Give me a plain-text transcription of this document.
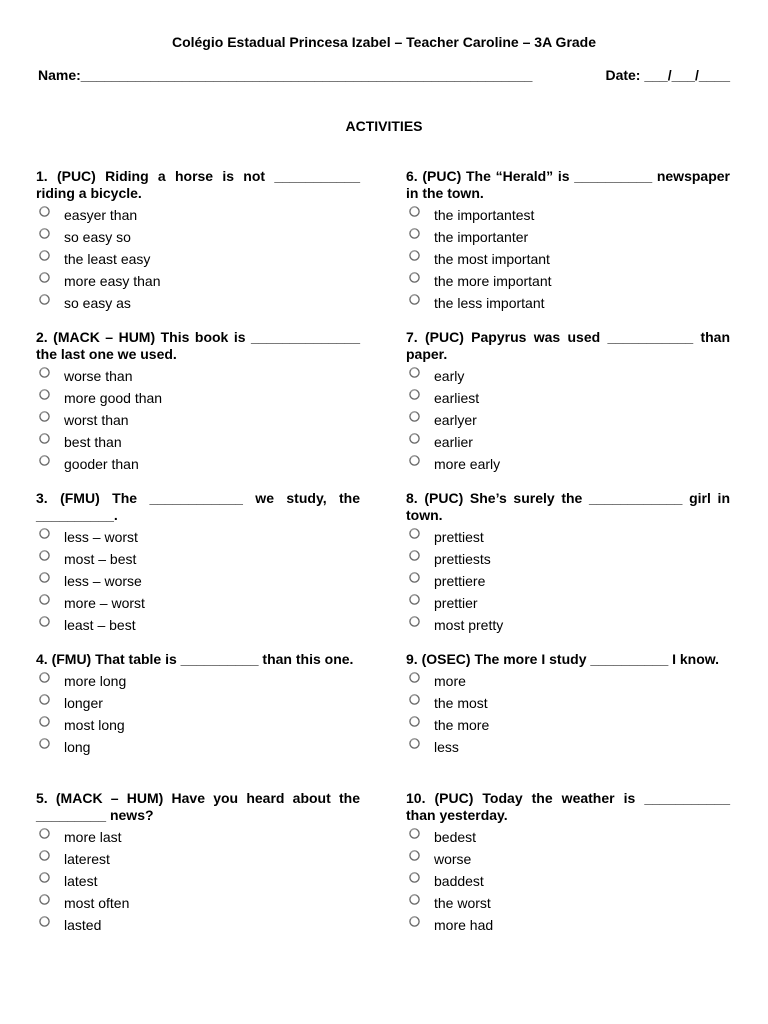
Colégio Estadual Princesa Izabel – Teacher Caroline – 3A Grade
Name:__________________________________________________________	Date: ___/___/____
ACTIVITIES
1. (PUC) Riding a horse is not ___________ riding a bicycle.
easyer than
so easy so
the least easy
more easy than
so easy as
2. (MACK – HUM) This book is ______________ the last one we used.
worse than
more good than
worst than
best than
gooder than
3. (FMU) The ____________ we study, the __________.
less – worst
most – best
less – worse
more – worst
least – best
4. (FMU) That table is __________ than this one.
more long
longer
most long
long
5. (MACK – HUM) Have you heard about the _________ news?
more last
laterest
latest
most often
lasted
6. (PUC) The “Herald” is __________ newspaper in the town.
the importantest
the importanter
the most important
the more important
the less important
7. (PUC) Papyrus was used ___________ than paper.
early
earliest
earlyer
earlier
more early
8. (PUC) She’s surely the ____________ girl in town.
prettiest
prettiests
prettiere
prettier
most pretty
9. (OSEC) The more I study __________ I know.
more
the most
the more
less
10. (PUC) Today the weather is ___________ than yesterday.
bedest
worse
baddest
the worst
more had
